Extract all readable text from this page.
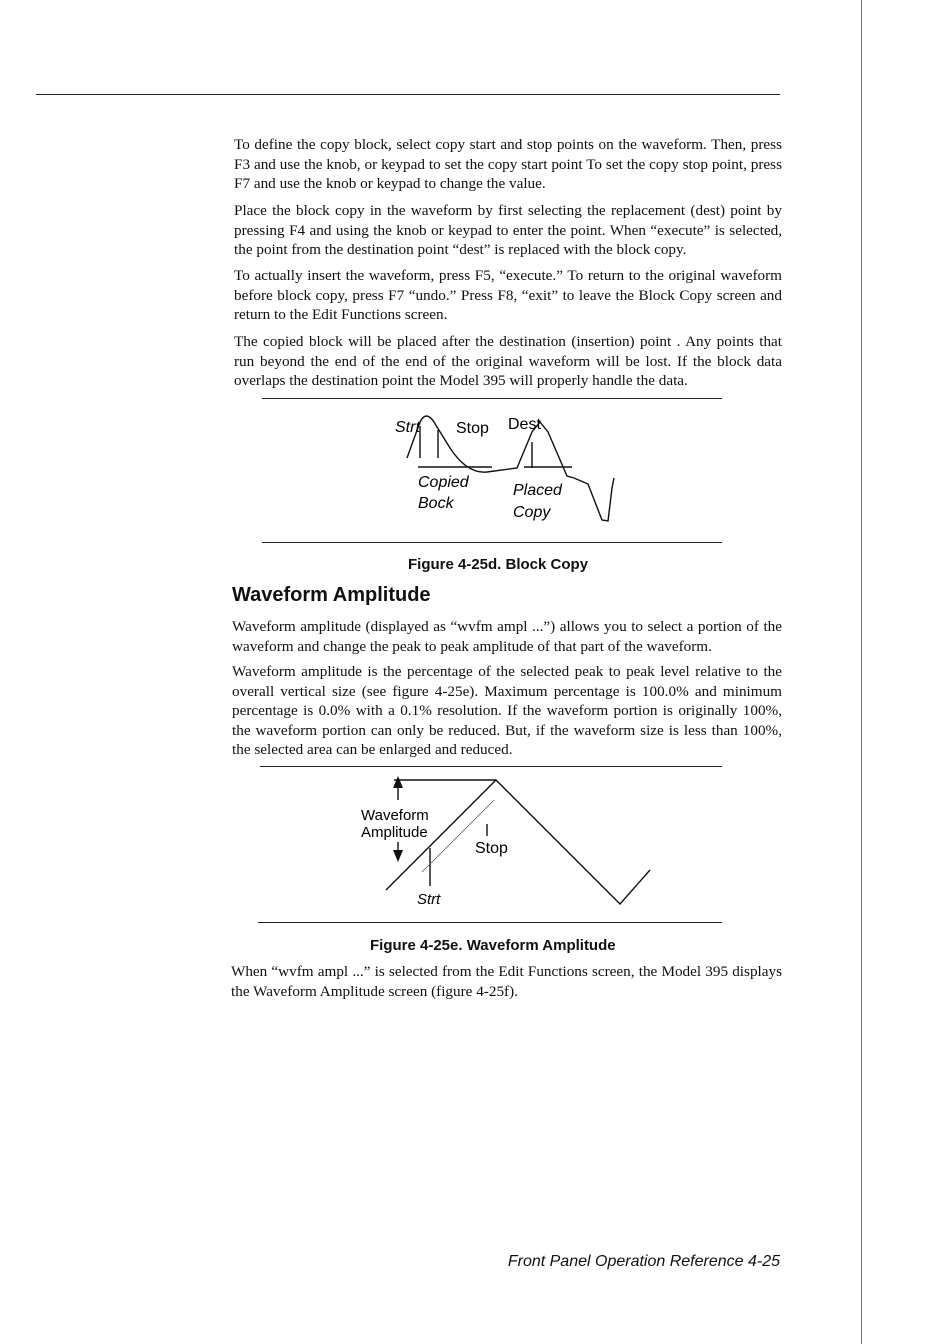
To define the copy block, select copy start and stop points on the waveform. Then, press F3 and use the knob, or keypad to set the copy start point To set the copy stop point, press F7 and use the knob or keypad to change the value.

Place the block copy in the waveform by first selecting the replacement (dest) point by pressing F4 and using the knob or keypad to enter the point. When “execute” is selected, the point from the destination point “dest” is replaced with the block copy.

To actually insert the waveform, press F5, “execute.” To return to the original waveform before block copy, press F7 “undo.” Press F8, “exit” to leave the Block Copy screen and return to the Edit Functions screen.

The copied block will be placed after the destination (insertion) point . Any points that run beyond the end of the end of the original waveform will be lost. If the block data overlaps the destination point the Model 395 will properly handle the data.

Strt Stop Dest
Copied
Bock
Placed
Copy
Figure 4-25d. Block Copy
Waveform Amplitude

Waveform amplitude (displayed as “wvfm ampl ...”) allows you to select a portion of the waveform and change the peak to peak amplitude of that part of the waveform.

Waveform amplitude is the percentage of the selected peak to peak level relative to the overall vertical size (see figure 4-25e). Maximum percentage is 100.0% and minimum percentage is 0.0% with a 0.1% resolution. If the waveform portion is originally 100%, the waveform portion can only be reduced. But, if the waveform size is less than 100%, the selected area can be enlarged and reduced.

Waveform
Amplitude
Stop
Strt
Figure 4-25e. Waveform Amplitude

When “wvfm ampl ...” is selected from the Edit Functions screen, the Model 395 displays the Waveform Amplitude screen (figure 4-25f).

Front Panel Operation Reference 4-25
